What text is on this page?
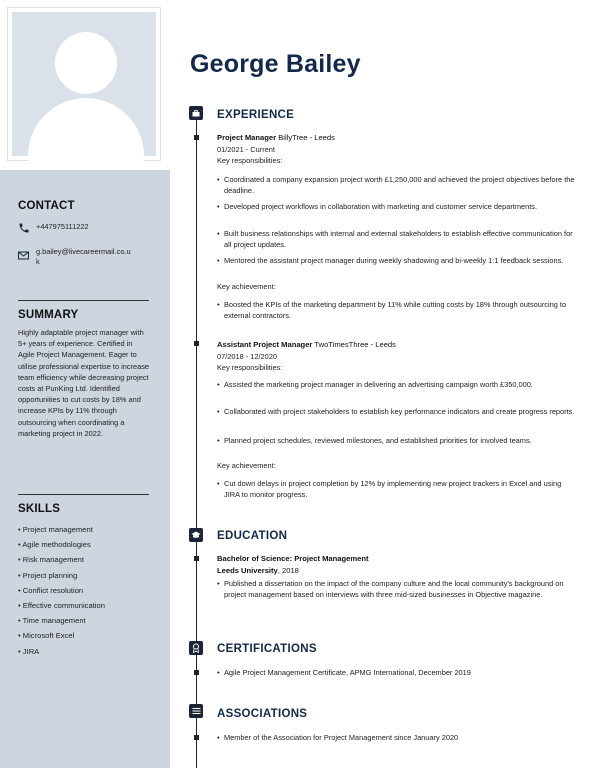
CONTACT
+447975111222
g.bailey@livecareermail.co.u
k
SUMMARY
Highly adaptable project manager with 5+ years of experience. Certified in Agile Project Management. Eager to utilise professional expertise to increase team efficiency while decreasing project costs at PunKing Ltd. Identified opportunities to cut costs by 18% and increase KPIs by 11% through outsourcing when coordinating a marketing project in 2022.
SKILLS
• Project management
• Agile methodologies
• Risk management
• Project planning
• Conflict resolution
• Effective communication
• Time management
• Microsoft Excel
• JIRA
George Bailey
EXPERIENCE
Project Manager BillyTree - Leeds
01/2021 - Current
Key responsibilities:
• Coordinated a company expansion project worth £1,250,000 and achieved the project objectives before the deadline.
• Developed project workflows in collaboration with marketing and customer service departments.
• Built business relationships with internal and external stakeholders to establish effective communication for all project updates.
• Mentored the assistant project manager during weekly shadowing and bi-weekly 1:1 feedback sessions.
Key achievement:
• Boosted the KPIs of the marketing department by 11% while cutting costs by 18% through outsourcing to external contractors.
Assistant Project Manager TwoTimesThree - Leeds
07/2018 - 12/2020
Key responsibilities:
• Assisted the marketing project manager in delivering an advertising campaign worth £350,000.
• Collaborated with project stakeholders to establish key performance indicators and create progress reports.
• Planned project schedules, reviewed milestones, and established priorities for involved teams.
Key achievement:
• Cut down delays in project completion by 12% by implementing new project trackers in Excel and using JIRA to monitor progress.
EDUCATION
Bachelor of Science: Project Management
Leeds University, 2018
• Published a dissertation on the impact of the company culture and the local community's background on project management based on interviews with three mid-sized businesses in Objective magazine.
CERTIFICATIONS
• Agile Project Management Certificate, APMG International, December 2019
ASSOCIATIONS
• Member of the Association for Project Management since January 2020
